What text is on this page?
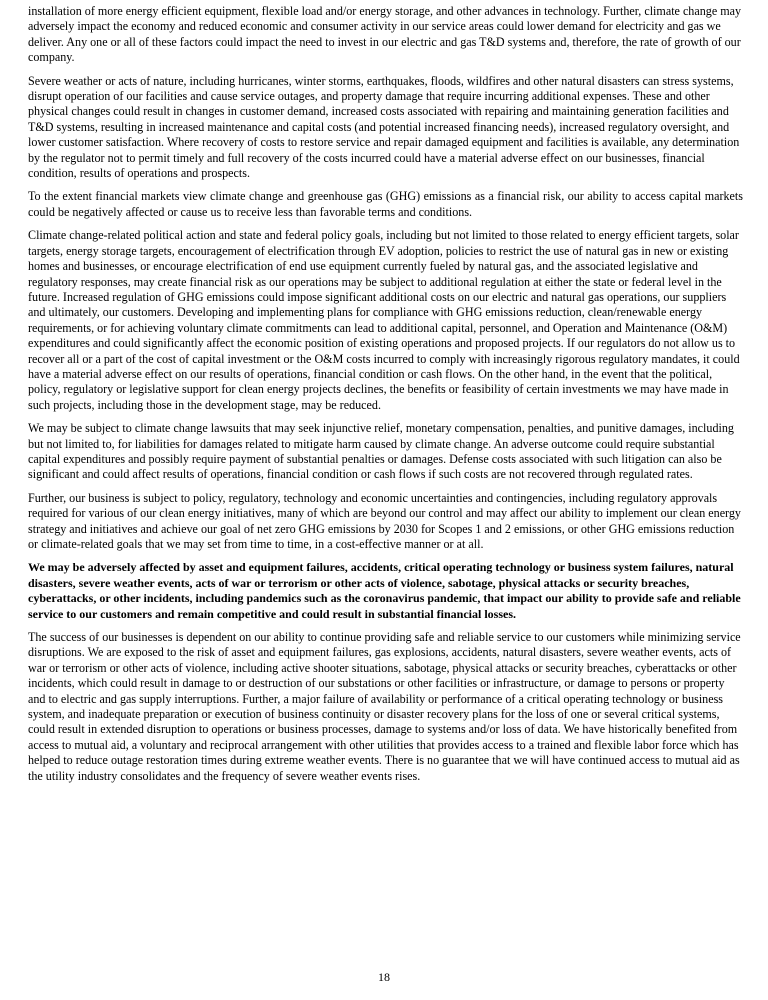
installation of more energy efficient equipment, flexible load and/or energy storage, and other advances in technology. Further, climate change may adversely impact the economy and reduced economic and consumer activity in our service areas could lower demand for electricity and gas we deliver. Any one or all of these factors could impact the need to invest in our electric and gas T&D systems and, therefore, the rate of growth of our company.

Severe weather or acts of nature, including hurricanes, winter storms, earthquakes, floods, wildfires and other natural disasters can stress systems, disrupt operation of our facilities and cause service outages, and property damage that require incurring additional expenses. These and other physical changes could result in changes in customer demand, increased costs associated with repairing and maintaining generation facilities and T&D systems, resulting in increased maintenance and capital costs (and potential increased financing needs), increased regulatory oversight, and lower customer satisfaction. Where recovery of costs to restore service and repair damaged equipment and facilities is available, any determination by the regulator not to permit timely and full recovery of the costs incurred could have a material adverse effect on our businesses, financial condition, results of operations and prospects.

To the extent financial markets view climate change and greenhouse gas (GHG) emissions as a financial risk, our ability to access capital markets could be negatively affected or cause us to receive less than favorable terms and conditions.

Climate change-related political action and state and federal policy goals, including but not limited to those related to energy efficient targets, solar targets, energy storage targets, encouragement of electrification through EV adoption, policies to restrict the use of natural gas in new or existing homes and businesses, or encourage electrification of end use equipment currently fueled by natural gas, and the associated legislative and regulatory responses, may create financial risk as our operations may be subject to additional regulation at either the state or federal level in the future. Increased regulation of GHG emissions could impose significant additional costs on our electric and natural gas operations, our suppliers and ultimately, our customers. Developing and implementing plans for compliance with GHG emissions reduction, clean/renewable energy requirements, or for achieving voluntary climate commitments can lead to additional capital, personnel, and Operation and Maintenance (O&M) expenditures and could significantly affect the economic position of existing operations and proposed projects. If our regulators do not allow us to recover all or a part of the cost of capital investment or the O&M costs incurred to comply with increasingly rigorous regulatory mandates, it could have a material adverse effect on our results of operations, financial condition or cash flows. On the other hand, in the event that the political, policy, regulatory or legislative support for clean energy projects declines, the benefits or feasibility of certain investments we may have made in such projects, including those in the development stage, may be reduced.

We may be subject to climate change lawsuits that may seek injunctive relief, monetary compensation, penalties, and punitive damages, including but not limited to, for liabilities for damages related to mitigate harm caused by climate change. An adverse outcome could require substantial capital expenditures and possibly require payment of substantial penalties or damages. Defense costs associated with such litigation can also be significant and could affect results of operations, financial condition or cash flows if such costs are not recovered through regulated rates.

Further, our business is subject to policy, regulatory, technology and economic uncertainties and contingencies, including regulatory approvals required for various of our clean energy initiatives, many of which are beyond our control and may affect our ability to implement our clean energy strategy and initiatives and achieve our goal of net zero GHG emissions by 2030 for Scopes 1 and 2 emissions, or other GHG emissions reduction or climate-related goals that we may set from time to time, in a cost-effective manner or at all.

We may be adversely affected by asset and equipment failures, accidents, critical operating technology or business system failures, natural disasters, severe weather events, acts of war or terrorism or other acts of violence, sabotage, physical attacks or security breaches, cyberattacks, or other incidents, including pandemics such as the coronavirus pandemic, that impact our ability to provide safe and reliable service to our customers and remain competitive and could result in substantial financial losses.

The success of our businesses is dependent on our ability to continue providing safe and reliable service to our customers while minimizing service disruptions. We are exposed to the risk of asset and equipment failures, gas explosions, accidents, natural disasters, severe weather events, acts of war or terrorism or other acts of violence, including active shooter situations, sabotage, physical attacks or security breaches, cyberattacks or other incidents, which could result in damage to or destruction of our substations or other facilities or infrastructure, or damage to persons or property and to electric and gas supply interruptions. Further, a major failure of availability or performance of a critical operating technology or business system, and inadequate preparation or execution of business continuity or disaster recovery plans for the loss of one or several critical systems, could result in extended disruption to operations or business processes, damage to systems and/or loss of data. We have historically benefited from access to mutual aid, a voluntary and reciprocal arrangement with other utilities that provides access to a trained and flexible labor force which has helped to reduce outage restoration times during extreme weather events. There is no guarantee that we will have continued access to mutual aid as the utility industry consolidates and the frequency of severe weather events rises.

18
